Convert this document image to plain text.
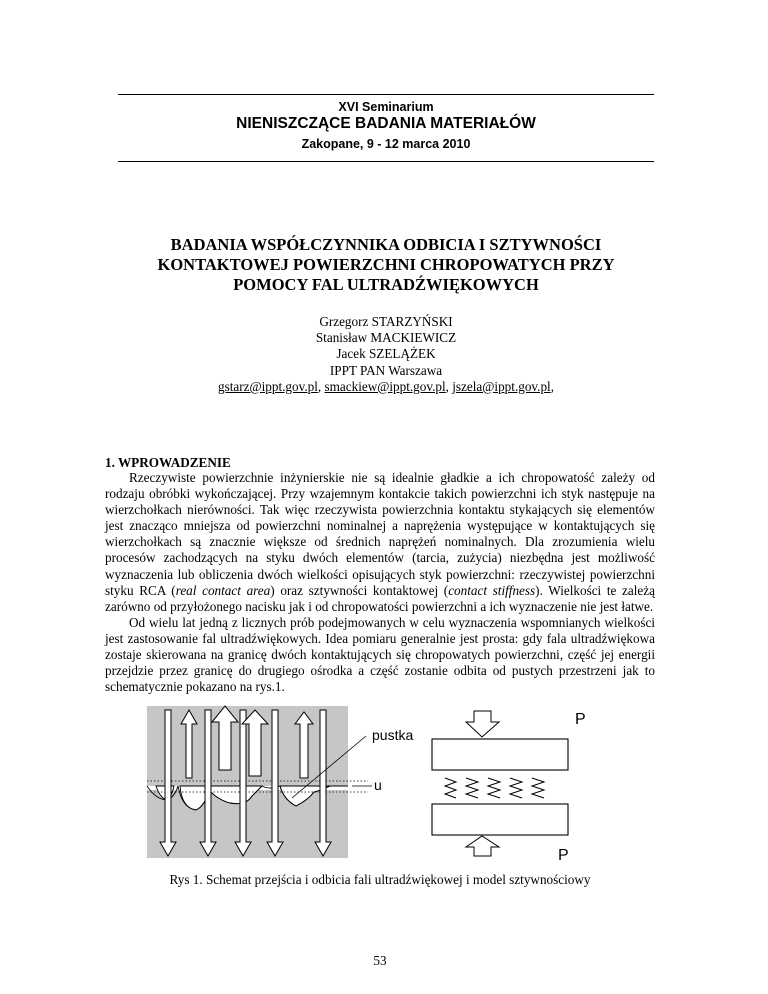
XVI Seminarium
NIENISZCZĄCE BADANIA MATERIAŁÓW
Zakopane, 9 - 12 marca 2010
BADANIA WSPÓŁCZYNNIKA ODBICIA I SZTYWNOŚCI
KONTAKTOWEJ POWIERZCHNI CHROPOWATYCH PRZY
POMOCY FAL ULTRADŹWIĘKOWYCH
Grzegorz STARZYŃSKI
Stanisław MACKIEWICZ
Jacek SZELĄŻEK
IPPT PAN Warszawa
gstarz@ippt.gov.pl, smackiew@ippt.gov.pl, jszela@ippt.gov.pl,
1. WPROWADZENIE

Rzeczywiste powierzchnie inżynierskie nie są idealnie gładkie a ich chropowatość zależy od rodzaju obróbki wykończającej. Przy wzajemnym kontakcie takich powierzchni ich styk następuje na wierzchołkach nierówności. Tak więc rzeczywista powierzchnia kontaktu stykających się elementów jest znacząco mniejsza od powierzchni nominalnej a naprężenia występujące w kontaktujących się wierzchołkach są znacznie większe od średnich naprężeń nominalnych. Dla zrozumienia wielu procesów zachodzących na styku dwóch elementów (tarcia, zużycia) niezbędna jest możliwość wyznaczenia lub obliczenia dwóch wielkości opisujących styk powierzchni: rzeczywistej powierzchni styku RCA (real contact area) oraz sztywności kontaktowej (contact stiffness). Wielkości te zależą zarówno od przyłożonego nacisku jak i od chropowatości powierzchni a ich wyznaczenie nie jest łatwe.

Od wielu lat jedną z licznych prób podejmowanych w celu wyznaczenia wspomnianych wielkości jest zastosowanie fal ultradźwiękowych. Idea pomiaru generalnie jest prosta: gdy fala ultradźwiękowa zostaje skierowana na granicę dwóch kontaktujących się chropowatych powierzchni, część jej energii przejdzie przez granicę do drugiego ośrodka a część zostanie odbita od pustych przestrzeni jak to schematycznie pokazano na rys.1.

pustka
u
P
P
Rys 1. Schemat przejścia i odbicia fali ultradźwiękowej i model sztywnościowy
53
